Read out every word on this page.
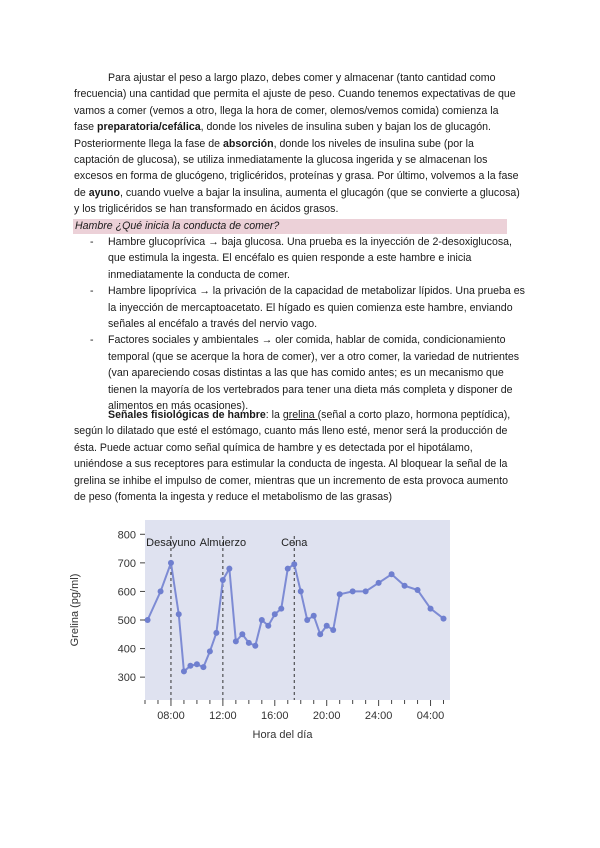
Para ajustar el peso a largo plazo, debes comer y almacenar (tanto cantidad como frecuencia) una cantidad que permita el ajuste de peso. Cuando tenemos expectativas de que vamos a comer (vemos a otro, llega la hora de comer, olemos/vemos comida) comienza la fase preparatoria/cefálica, donde los niveles de insulina suben y bajan los de glucagón. Posteriormente llega la fase de absorción, donde los niveles de insulina sube (por la captación de glucosa), se utiliza inmediatamente la glucosa ingerida y se almacenan los excesos en forma de glucógeno, triglicéridos, proteínas y grasa. Por último, volvemos a la fase de ayuno, cuando vuelve a bajar la insulina, aumenta el glucagón (que se convierte a glucosa) y los triglicéridos se han transformado en ácidos grasos.

Hambre ¿Qué inicia la conducta de comer?
- Hambre glucoprívica → baja glucosa. Una prueba es la inyección de 2-desoxiglucosa, que estimula la ingesta. El encéfalo es quien responde a este hambre e inicia inmediatamente la conducta de comer.
- Hambre lipoprívica → la privación de la capacidad de metabolizar lípidos. Una prueba es la inyección de mercaptoacetato. El hígado es quien comienza este hambre, enviando señales al encéfalo a través del nervio vago.
- Factores sociales y ambientales → oler comida, hablar de comida, condicionamiento temporal (que se acerque la hora de comer), ver a otro comer, la variedad de nutrientes (van apareciendo cosas distintas a las que has comido antes; es un mecanismo que tienen la mayoría de los vertebrados para tener una dieta más completa y disponer de alimentos en más ocasiones).

Señales fisiológicas de hambre: la grelina (señal a corto plazo, hormona peptídica), según lo dilatado que esté el estómago, cuanto más lleno esté, menor será la producción de ésta. Puede actuar como señal química de hambre y es detectada por el hipotálamo, uniéndose a sus receptores para estimular la conducta de ingesta. Al bloquear la señal de la grelina se inhibe el impulso de comer, mientras que un incremento de esta provoca aumento de peso (fomenta la ingesta y reduce el metabolismo de las grasas)

Desayuno Almuerzo	Cena
300
400
500
600
700
800
08:00 12:00 16:00 20:00 24:00 04:00
Grelina (pg/ml)
Hora del día
